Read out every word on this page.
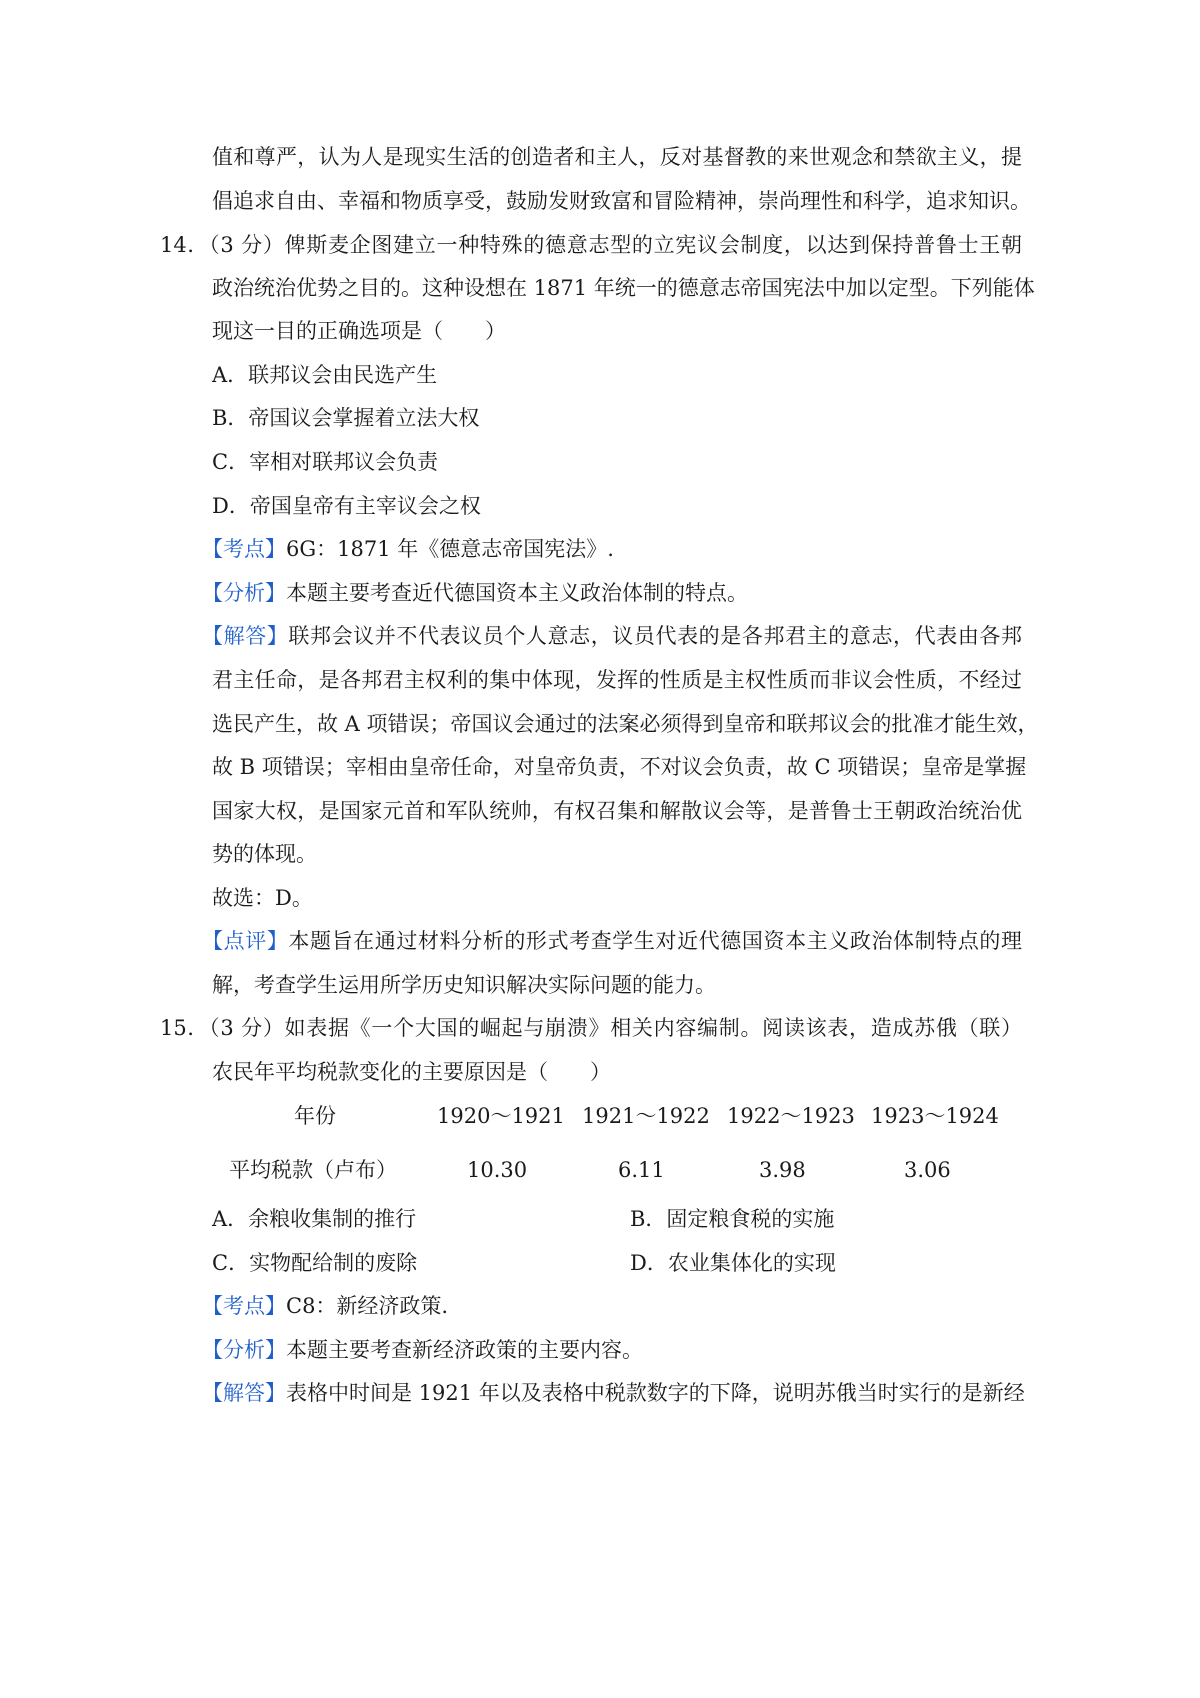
值和尊严，认为人是现实生活的创造者和主人，反对基督教的来世观念和禁欲主义，提
倡追求自由、幸福和物质享受，鼓励发财致富和冒险精神，崇尚理性和科学，追求知识。
14．（3 分）俾斯麦企图建立一种特殊的德意志型的立宪议会制度，以达到保持普鲁士王朝
政治统治优势之目的。这种设想在 1871 年统一的德意志帝国宪法中加以定型。下列能体
现这一目的正确选项是（　　）
A．联邦议会由民选产生
B．帝国议会掌握着立法大权
C．宰相对联邦议会负责
D．帝国皇帝有主宰议会之权
【考点】6G：1871 年《德意志帝国宪法》.
【分析】本题主要考查近代德国资本主义政治体制的特点。
【解答】联邦会议并不代表议员个人意志，议员代表的是各邦君主的意志，代表由各邦
君主任命，是各邦君主权利的集中体现，发挥的性质是主权性质而非议会性质，不经过
选民产生，故 A 项错误；帝国议会通过的法案必须得到皇帝和联邦议会的批准才能生效，
故 B 项错误；宰相由皇帝任命，对皇帝负责，不对议会负责，故 C 项错误；皇帝是掌握
国家大权，是国家元首和军队统帅，有权召集和解散议会等，是普鲁士王朝政治统治优
势的体现。
故选：D。
【点评】本题旨在通过材料分析的形式考查学生对近代德国资本主义政治体制特点的理
解，考查学生运用所学历史知识解决实际问题的能力。
15．（3 分）如表据《一个大国的崛起与崩溃》相关内容编制。阅读该表，造成苏俄（联）
农民年平均税款变化的主要原因是（　　）
年份	1920～1921 1921～1922 1922～1923 1923～1924
平均税款（卢布）	10.30	6.11	3.98	3.06
A．余粮收集制的推行	B．固定粮食税的实施
C．实物配给制的废除	D．农业集体化的实现
【考点】C8：新经济政策.
【分析】本题主要考查新经济政策的主要内容。
【解答】表格中时间是 1921 年以及表格中税款数字的下降，说明苏俄当时实行的是新经
